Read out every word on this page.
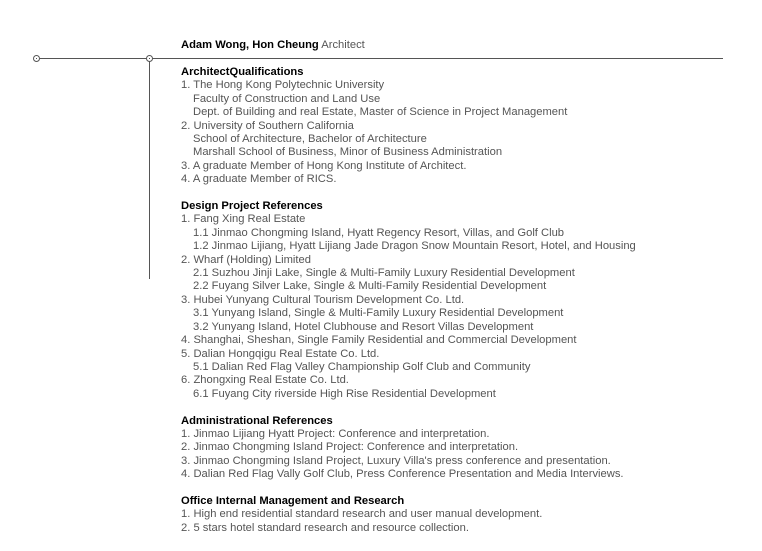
Adam Wong, Hon Cheung Architect
ArchitectQualifications
1. The Hong Kong Polytechnic University
Faculty of Construction and Land Use
Dept. of Building and real Estate, Master of Science in Project Management
2. University of Southern California
School of Architecture, Bachelor of Architecture
Marshall School of Business, Minor of Business Administration
3. A graduate Member of Hong Kong Institute of Architect.
4. A graduate Member of RICS.
Design Project References
1. Fang Xing Real Estate
1.1 Jinmao Chongming Island, Hyatt Regency Resort, Villas, and Golf Club
1.2 Jinmao Lijiang, Hyatt Lijiang Jade Dragon Snow Mountain Resort, Hotel, and Housing
2. Wharf (Holding) Limited
2.1 Suzhou Jinji Lake, Single & Multi-Family Luxury Residential Development
2.2 Fuyang Silver Lake, Single & Multi-Family Residential Development
3. Hubei Yunyang Cultural Tourism Development Co. Ltd.
3.1 Yunyang Island, Single & Multi-Family Luxury Residential Development
3.2 Yunyang Island, Hotel Clubhouse and Resort Villas Development
4. Shanghai, Sheshan, Single Family Residential and Commercial Development
5. Dalian Hongqigu Real Estate Co. Ltd.
5.1 Dalian Red Flag Valley Championship Golf Club and Community
6. Zhongxing Real Estate Co. Ltd.
6.1 Fuyang City riverside High Rise Residential Development
Administrational References
1. Jinmao Lijiang Hyatt Project: Conference and interpretation.
2. Jinmao Chongming Island Project: Conference and interpretation.
3. Jinmao Chongming Island Project, Luxury Villa's press conference and presentation.
4. Dalian Red Flag Vally Golf Club, Press Conference Presentation and Media Interviews.
Office Internal Management and Research
1. High end residential standard research and user manual development.
2. 5 stars hotel standard research and resource collection.
